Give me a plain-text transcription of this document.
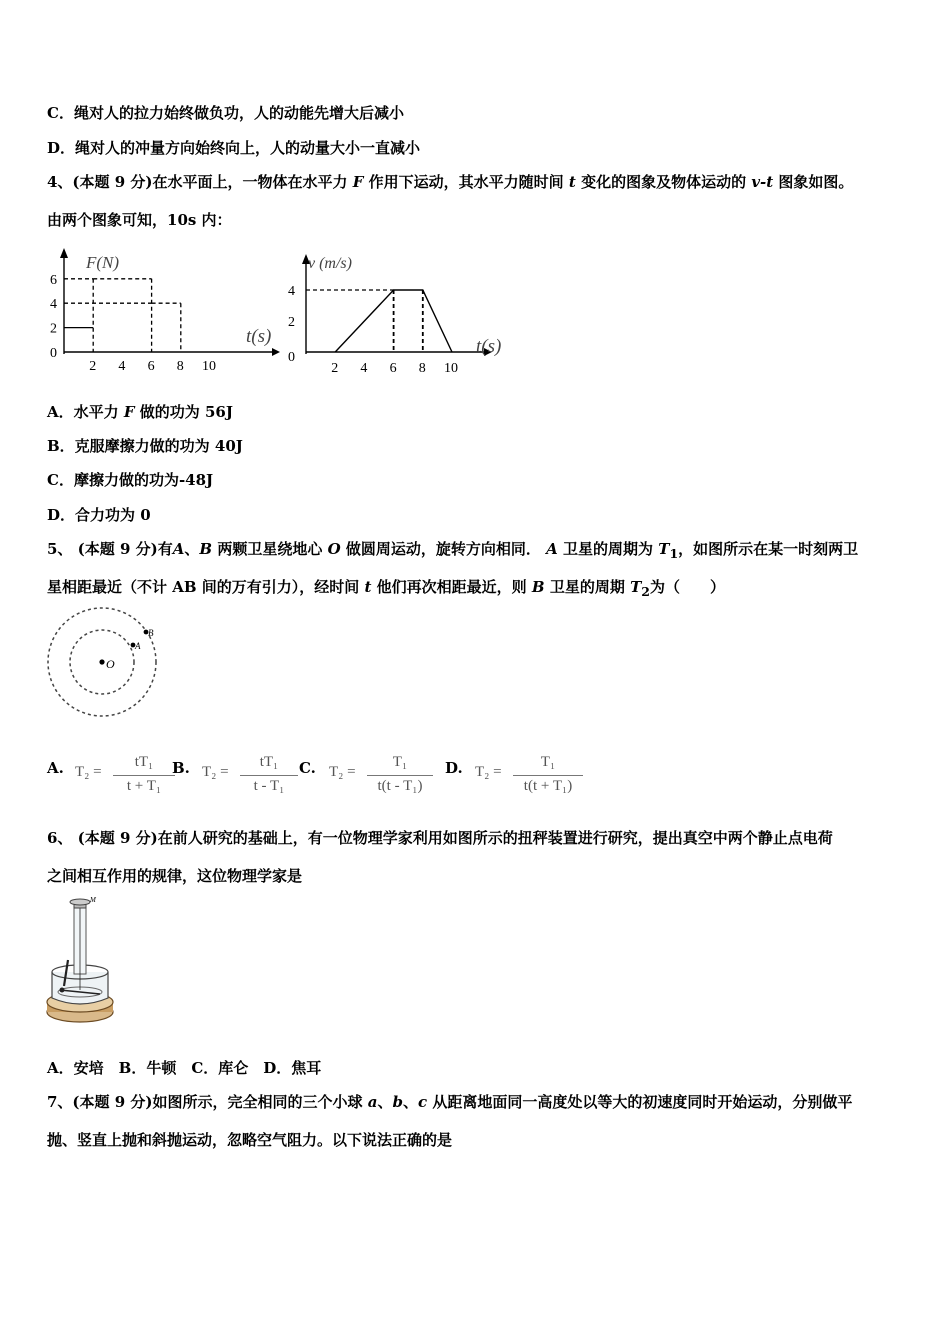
C．绳对人的拉力始终做负功，人的动能先增大后减小
D．绳对人的冲量方向始终向上，人的动量大小一直减小
4、(本题 9 分)在水平面上，一物体在水平力 F 作用下运动，其水平力随时间 t 变化的图象及物体运动的 v-t 图象如图。
由两个图象可知，10s 内：
0
2
4
6
2 4 6 8 10
F(N)
t(s)
0
2
4
2 4 6 8 10
v (m/s)
t(s)
A．水平力 F 做的功为 56J
B．克服摩擦力做的功为 40J
C．摩擦力做的功为-48J
D．合力功为 0
5、 (本题 9 分)有A、B 两颗卫星绕地心 O 做圆周运动，旋转方向相同． A 卫星的周期为 $T_1$，如图所示在某一时刻两卫
星相距最近（不计 AB 间的万有引力），经时间 t 他们再次相距最近，则 B 卫星的周期 $T_2$为（　　）
O
A
B
A. T₂ =
tT₁
t + T₁
B. T₂ =
tT₁
t - T₁
C. T₂ =
T₁
t(t - T₁)
D. T₂ =
T₁
t(t + T₁)
6、 (本题 9 分)在前人研究的基础上，有一位物理学家利用如图所示的扭秤装置进行研究，提出真空中两个静止点电荷
之间相互作用的规律，这位物理学家是
M
A．安培　B．牛顿　C．库仑　D．焦耳
7、(本题 9 分)如图所示，完全相同的三个小球 a、b、c 从距离地面同一高度处以等大的初速度同时开始运动，分别做平
抛、竖直上抛和斜抛运动，忽略空气阻力。以下说法正确的是
